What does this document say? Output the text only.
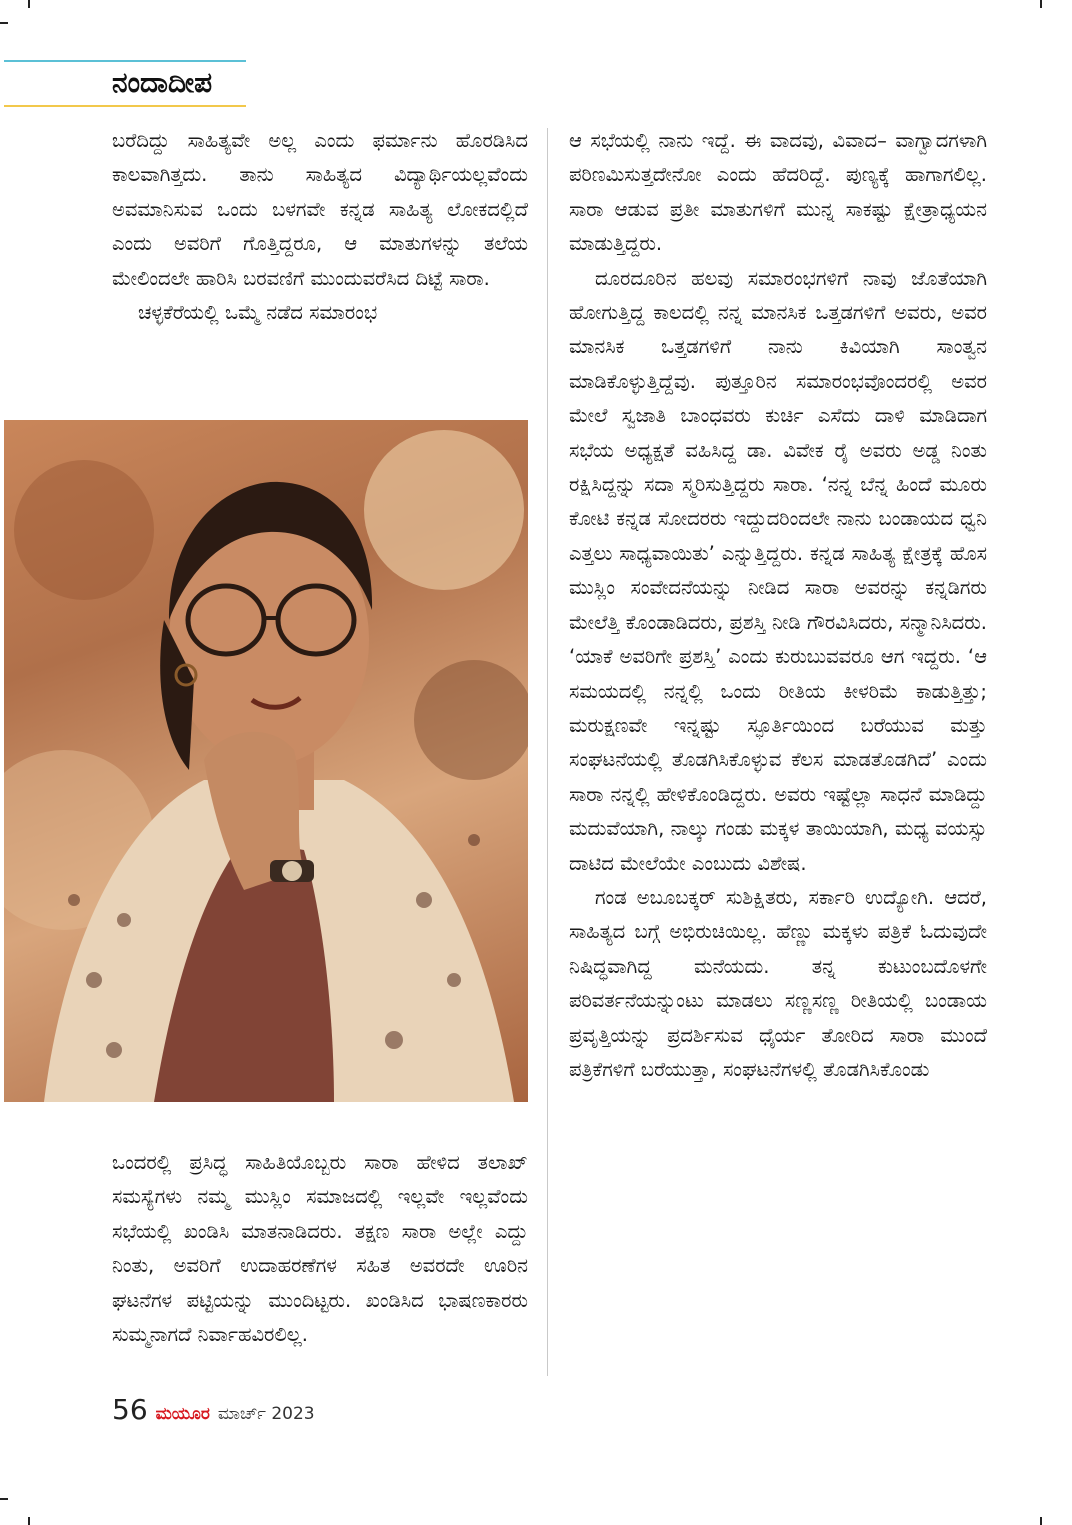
ನಂದಾದೀಪ

ಬರೆದಿದ್ದು ಸಾಹಿತ್ಯವೇ ಅಲ್ಲ ಎಂದು ಫರ್ಮಾನು ಹೊರಡಿಸಿದ ಕಾಲವಾಗಿತ್ತದು. ತಾನು ಸಾಹಿತ್ಯದ ವಿದ್ಯಾರ್ಥಿಯಲ್ಲವೆಂದು ಅವಮಾನಿಸುವ ಒಂದು ಬಳಗವೇ ಕನ್ನಡ ಸಾಹಿತ್ಯ ಲೋಕದಲ್ಲಿದೆ ಎಂದು ಅವರಿಗೆ ಗೊತ್ತಿದ್ದರೂ, ಆ ಮಾತುಗಳನ್ನು ತಲೆಯ ಮೇಲಿಂದಲೇ ಹಾರಿಸಿ ಬರವಣಿಗೆ ಮುಂದುವರೆಸಿದ ದಿಟ್ಟೆ ಸಾರಾ.

ಚಳ್ಳಕೆರೆಯಲ್ಲಿ ಒಮ್ಮೆ ನಡೆದ ಸಮಾರಂಭ

ಒಂದರಲ್ಲಿ ಪ್ರಸಿದ್ಧ ಸಾಹಿತಿಯೊಬ್ಬರು ಸಾರಾ ಹೇಳಿದ ತಲಾಖ್ ಸಮಸ್ಯೆಗಳು ನಮ್ಮ ಮುಸ್ಲಿಂ ಸಮಾಜದಲ್ಲಿ ಇಲ್ಲವೇ ಇಲ್ಲವೆಂದು ಸಭೆಯಲ್ಲಿ ಖಂಡಿಸಿ ಮಾತನಾಡಿದರು. ತಕ್ಷಣ ಸಾರಾ ಅಲ್ಲೇ ಎದ್ದು ನಿಂತು, ಅವರಿಗೆ ಉದಾಹರಣೆಗಳ ಸಹಿತ ಅವರದೇ ಊರಿನ ಘಟನೆಗಳ ಪಟ್ಟಿಯನ್ನು ಮುಂದಿಟ್ಟರು. ಖಂಡಿಸಿದ ಭಾಷಣಕಾರರು ಸುಮ್ಮನಾಗದೆ ನಿರ್ವಾಹವಿರಲಿಲ್ಲ.

ಆ ಸಭೆಯಲ್ಲಿ ನಾನು ಇದ್ದೆ. ಈ ವಾದವು, ವಿವಾದ– ವಾಗ್ವಾದಗಳಾಗಿ ಪರಿಣಮಿಸುತ್ತದೇನೋ ಎಂದು ಹೆದರಿದ್ದೆ. ಪುಣ್ಯಕ್ಕೆ ಹಾಗಾಗಲಿಲ್ಲ. ಸಾರಾ ಆಡುವ ಪ್ರತೀ ಮಾತುಗಳಿಗೆ ಮುನ್ನ ಸಾಕಷ್ಟು ಕ್ಷೇತ್ರಾಧ್ಯಯನ ಮಾಡುತ್ತಿದ್ದರು.

ದೂರದೂರಿನ ಹಲವು ಸಮಾರಂಭಗಳಿಗೆ ನಾವು ಜೊತೆಯಾಗಿ ಹೋಗುತ್ತಿದ್ದ ಕಾಲದಲ್ಲಿ ನನ್ನ ಮಾನಸಿಕ ಒತ್ತಡಗಳಿಗೆ ಅವರು, ಅವರ ಮಾನಸಿಕ ಒತ್ತಡಗಳಿಗೆ ನಾನು ಕಿವಿಯಾಗಿ ಸಾಂತ್ವನ ಮಾಡಿಕೊಳ್ಳುತ್ತಿದ್ದೆವು. ಪುತ್ತೂರಿನ ಸಮಾರಂಭವೊಂದರಲ್ಲಿ ಅವರ ಮೇಲೆ ಸ್ವಜಾತಿ ಬಾಂಧವರು ಕುರ್ಚಿ ಎಸೆದು ದಾಳಿ ಮಾಡಿದಾಗ ಸಭೆಯ ಅಧ್ಯಕ್ಷತೆ ವಹಿಸಿದ್ದ ಡಾ. ವಿವೇಕ ರೈ ಅವರು ಅಡ್ಡ ನಿಂತು ರಕ್ಷಿಸಿದ್ದನ್ನು ಸದಾ ಸ್ಮರಿಸುತ್ತಿದ್ದರು ಸಾರಾ. ‘ನನ್ನ ಬೆನ್ನ ಹಿಂದೆ ಮೂರು ಕೋಟಿ ಕನ್ನಡ ಸೋದರರು ಇದ್ದುದರಿಂದಲೇ ನಾನು ಬಂಡಾಯದ ಧ್ವನಿ ಎತ್ತಲು ಸಾಧ್ಯವಾಯಿತು’ ಎನ್ನುತ್ತಿದ್ದರು. ಕನ್ನಡ ಸಾಹಿತ್ಯ ಕ್ಷೇತ್ರಕ್ಕೆ ಹೊಸ ಮುಸ್ಲಿಂ ಸಂವೇದನೆಯನ್ನು ನೀಡಿದ ಸಾರಾ ಅವರನ್ನು ಕನ್ನಡಿಗರು ಮೇಲೆತ್ತಿ ಕೊಂಡಾಡಿದರು, ಪ್ರಶಸ್ತಿ ನೀಡಿ ಗೌರವಿಸಿದರು, ಸನ್ಮಾನಿಸಿದರು. ‘ಯಾಕೆ ಅವರಿಗೇ ಪ್ರಶಸ್ತಿ’ ಎಂದು ಕುರುಬುವವರೂ ಆಗ ಇದ್ದರು. ‘ಆ ಸಮಯದಲ್ಲಿ ನನ್ನಲ್ಲಿ ಒಂದು ರೀತಿಯ ಕೀಳರಿಮೆ ಕಾಡುತ್ತಿತ್ತು; ಮರುಕ್ಷಣವೇ ಇನ್ನಷ್ಟು ಸ್ಫೂರ್ತಿಯಿಂದ ಬರೆಯುವ ಮತ್ತು ಸಂಘಟನೆಯಲ್ಲಿ ತೊಡಗಿಸಿಕೊಳ್ಳುವ ಕೆಲಸ ಮಾಡತೊಡಗಿದೆ’ ಎಂದು ಸಾರಾ ನನ್ನಲ್ಲಿ ಹೇಳಿಕೊಂಡಿದ್ದರು. ಅವರು ಇಷ್ಟೆಲ್ಲಾ ಸಾಧನೆ ಮಾಡಿದ್ದು ಮದುವೆಯಾಗಿ, ನಾಲ್ಕು ಗಂಡು ಮಕ್ಕಳ ತಾಯಿಯಾಗಿ, ಮಧ್ಯ ವಯಸ್ಸು ದಾಟಿದ ಮೇಲೆಯೇ ಎಂಬುದು ವಿಶೇಷ.

ಗಂಡ ಅಬೂಬಕ್ಕರ್ ಸುಶಿಕ್ಷಿತರು, ಸರ್ಕಾರಿ ಉದ್ಯೋಗಿ. ಆದರೆ, ಸಾಹಿತ್ಯದ ಬಗ್ಗೆ ಅಭಿರುಚಿಯಿಲ್ಲ. ಹೆಣ್ಣು ಮಕ್ಕಳು ಪತ್ರಿಕೆ ಓದುವುದೇ ನಿಷಿದ್ಧವಾಗಿದ್ದ ಮನೆಯದು. ತನ್ನ ಕುಟುಂಬದೊಳಗೇ ಪರಿವರ್ತನೆಯನ್ನುಂಟು ಮಾಡಲು ಸಣ್ಣಸಣ್ಣ ರೀತಿಯಲ್ಲಿ ಬಂಡಾಯ ಪ್ರವೃತ್ತಿಯನ್ನು ಪ್ರದರ್ಶಿಸುವ ಧೈರ್ಯ ತೋರಿದ ಸಾರಾ ಮುಂದೆ ಪತ್ರಿಕೆಗಳಿಗೆ ಬರೆಯುತ್ತಾ, ಸಂಘಟನೆಗಳಲ್ಲಿ ತೊಡಗಿಸಿಕೊಂಡು

56 ಮಯೂರ ಮಾರ್ಚ್ 2023
